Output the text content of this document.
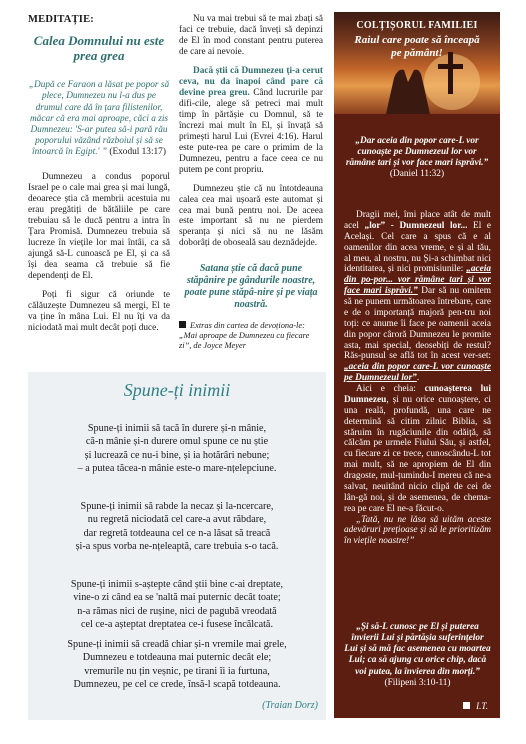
MEDITAȚIE:
Calea Domnului nu este prea grea

„După ce Faraon a lăsat pe popor să plece, Dumnezeu nu l-a dus pe drumul care dă în țara filistenilor, măcar că era mai aproape, căci a zis Dumnezeu: 'S-ar putea să-i pară rău poporului văzând războiul și să se întoarcă în Egipt.' ” (Exodul 13:17)

Dumnezeu a condus poporul Israel pe o cale mai grea și mai lungă, deoarece știa că membrii acestuia nu erau pregătiți de bătăliile pe care trebuiau să le ducă pentru a intra în Țara Promisă. Dumnezeu trebuia să lucreze în viețile lor mai întâi, ca să ajungă să-L cunoască pe El, și ca să își dea seama că trebuie să fie dependenți de El.

Poți fi sigur că oriunde te călăuzește Dumnezeu să mergi, El te va ține în mâna Lui. El nu îți va da niciodată mai mult decât poți duce.

Nu va mai trebui să te mai zbați să faci ce trebuie, dacă înveți să depinzi de El în mod constant pentru puterea de care ai nevoie.

Dacă știi că Dumnezeu ți-a cerut ceva, nu da înapoi când pare că devine prea greu. Când lucrurile par difi-cile, alege să petreci mai mult timp în părtășie cu Domnul, să te încrezi mai mult în El, și învață să primești harul Lui (Evrei 4:16). Harul este pute-rea pe care o primim de la Dumnezeu, pentru a face ceea ce nu putem pe cont propriu.

Dumnezeu știe că nu întotdeauna calea cea mai ușoară este automat și cea mai bună pentru noi. De aceea este important să nu ne pierdem speranța și nici să nu ne lăsăm doborâți de oboseală sau deznădejde.

Satana știe că dacă pune stăpânire pe gândurile noastre, poate pune stăpâ-nire și pe viața noastră.

Extras din cartea de devoționa-le: „Mai aproape de Dumnezeu cu fiecare zi”, de Joyce Meyer

Spune-ți inimii
Spune-ți inimii să tacă în durere și-n mânie,
că-n mânie și-n durere omul spune ce nu știe
și lucrează ce nu-i bine, și ia hotărâri nebune;
– a putea tăcea-n mânie este-o mare-nțelepciune.
Spune-ți inimii să rabde la necaz și la-ncercare,
nu regretă niciodată cel care-a avut răbdare,
dar regretă totdeauna cel ce n-a lăsat să treacă
și-a spus vorba ne-nțeleaptă, care trebuia s-o tacă.
Spune-ți inimii s-aștepte când știi bine c-ai dreptate,
vine-o zi când ea se 'naltă mai puternic decât toate;
n-a rămas nici de rușine, nici de pagubă vreodată
cel ce-a așteptat dreptatea ce-i fusese încălcată.
Spune-ți inimii să creadă chiar și-n vremile mai grele,
Dumnezeu e totdeauna mai puternic decât ele;
vremurile nu țin veșnic, pe tirani îi ia furtuna,
Dumnezeu, pe cel ce crede, însă-l scapă totdeauna.
(Traian Dorz)
COLȚIȘORUL FAMILIEI
Raiul care poate să înceapă pe pământ!
„Dar aceia din popor care-L vor cunoaște pe Dumnezeul lor vor rămâne tari și vor face mari isprăvi.” (Daniel 11:32)

Dragii mei, îmi place atât de mult acel „lor” - Dumnezeul lor... El e Același. Cel care a spus că e al oamenilor din acea vreme, e și al tău, al meu, al nostru, nu Și-a schimbat nici identitatea, și nici promisiunile: „aceia din po-por... vor rămâne tari și vor face mari isprăvi.” Dar să nu omitem să ne punem următoarea întrebare, care e de o importanță majoră pen-tru noi toți: ce anume îi face pe oamenii aceia din popor câroră Dumnezeu le promite asta, mai special, deosebiți de restul? Răs-punsul se află tot în acest ver-set: „aceia din popor care-L vor cunoaște pe Dumnezeul lor”.

Aici e cheia: cunoașterea lui Dumnezeu, și nu orice cunoaștere, ci una reală, profundă, una care ne determină să citim zilnic Biblia, să stăruim în rugăciunile din odăiță, să călcăm pe urmele Fiului Său, și astfel, cu fiecare zi ce trece, cunoscându-L tot mai mult, să ne apropiem de El din dragoste, mul-țumindu-I mereu că ne-a salvat, neuitând nicio clipă de cei de lân-gă noi, și de asemenea, de chema-rea pe care El ne-a făcut-o.

„Tată, nu ne lăsa să uităm aceste adevăruri prețioase și să le prioritizăm în viețile noastre!”

„Și să-L cunosc pe El și puterea învierii Lui și părtășia suferințelor Lui și să mă fac asemenea cu moartea Lui; ca să ajung cu orice chip, dacă voi putea, la învierea din morți.” (Filipeni 3:10-11)
I.T.
